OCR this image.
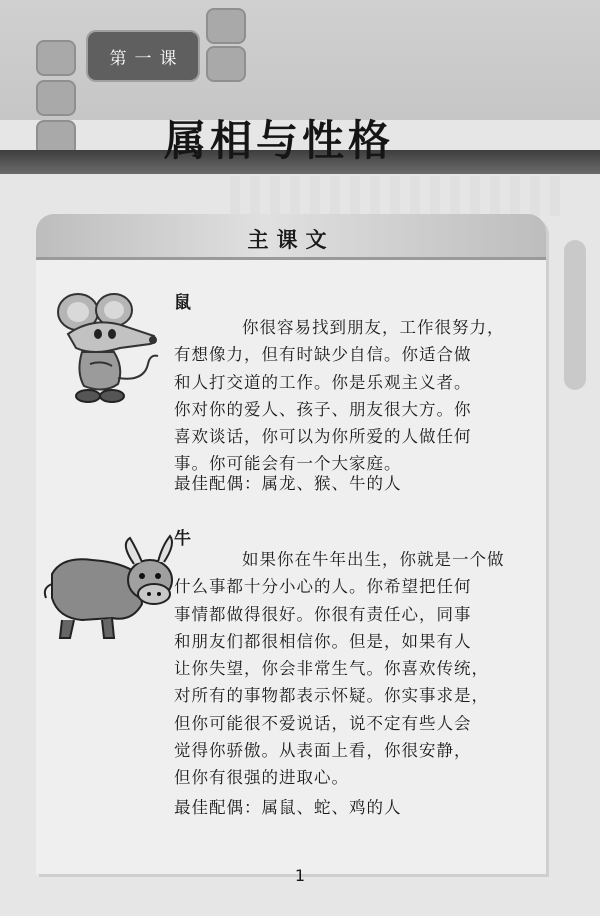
第一课
属相与性格
主课文
鼠
你很容易找到朋友，工作很努力，
有想像力，但有时缺少自信。你适合做
和人打交道的工作。你是乐观主义者。
你对你的爱人、孩子、朋友很大方。你
喜欢谈话，你可以为你所爱的人做任何
事。你可能会有一个大家庭。

最佳配偶：属龙、猴、牛的人

牛
如果你在牛年出生，你就是一个做
什么事都十分小心的人。你希望把任何
事情都做得很好。你很有责任心，同事
和朋友们都很相信你。但是，如果有人
让你失望，你会非常生气。你喜欢传统，
对所有的事物都表示怀疑。你实事求是，
但你可能很不爱说话，说不定有些人会
觉得你骄傲。从表面上看，你很安静，
但你有很强的进取心。

最佳配偶：属鼠、蛇、鸡的人

1
